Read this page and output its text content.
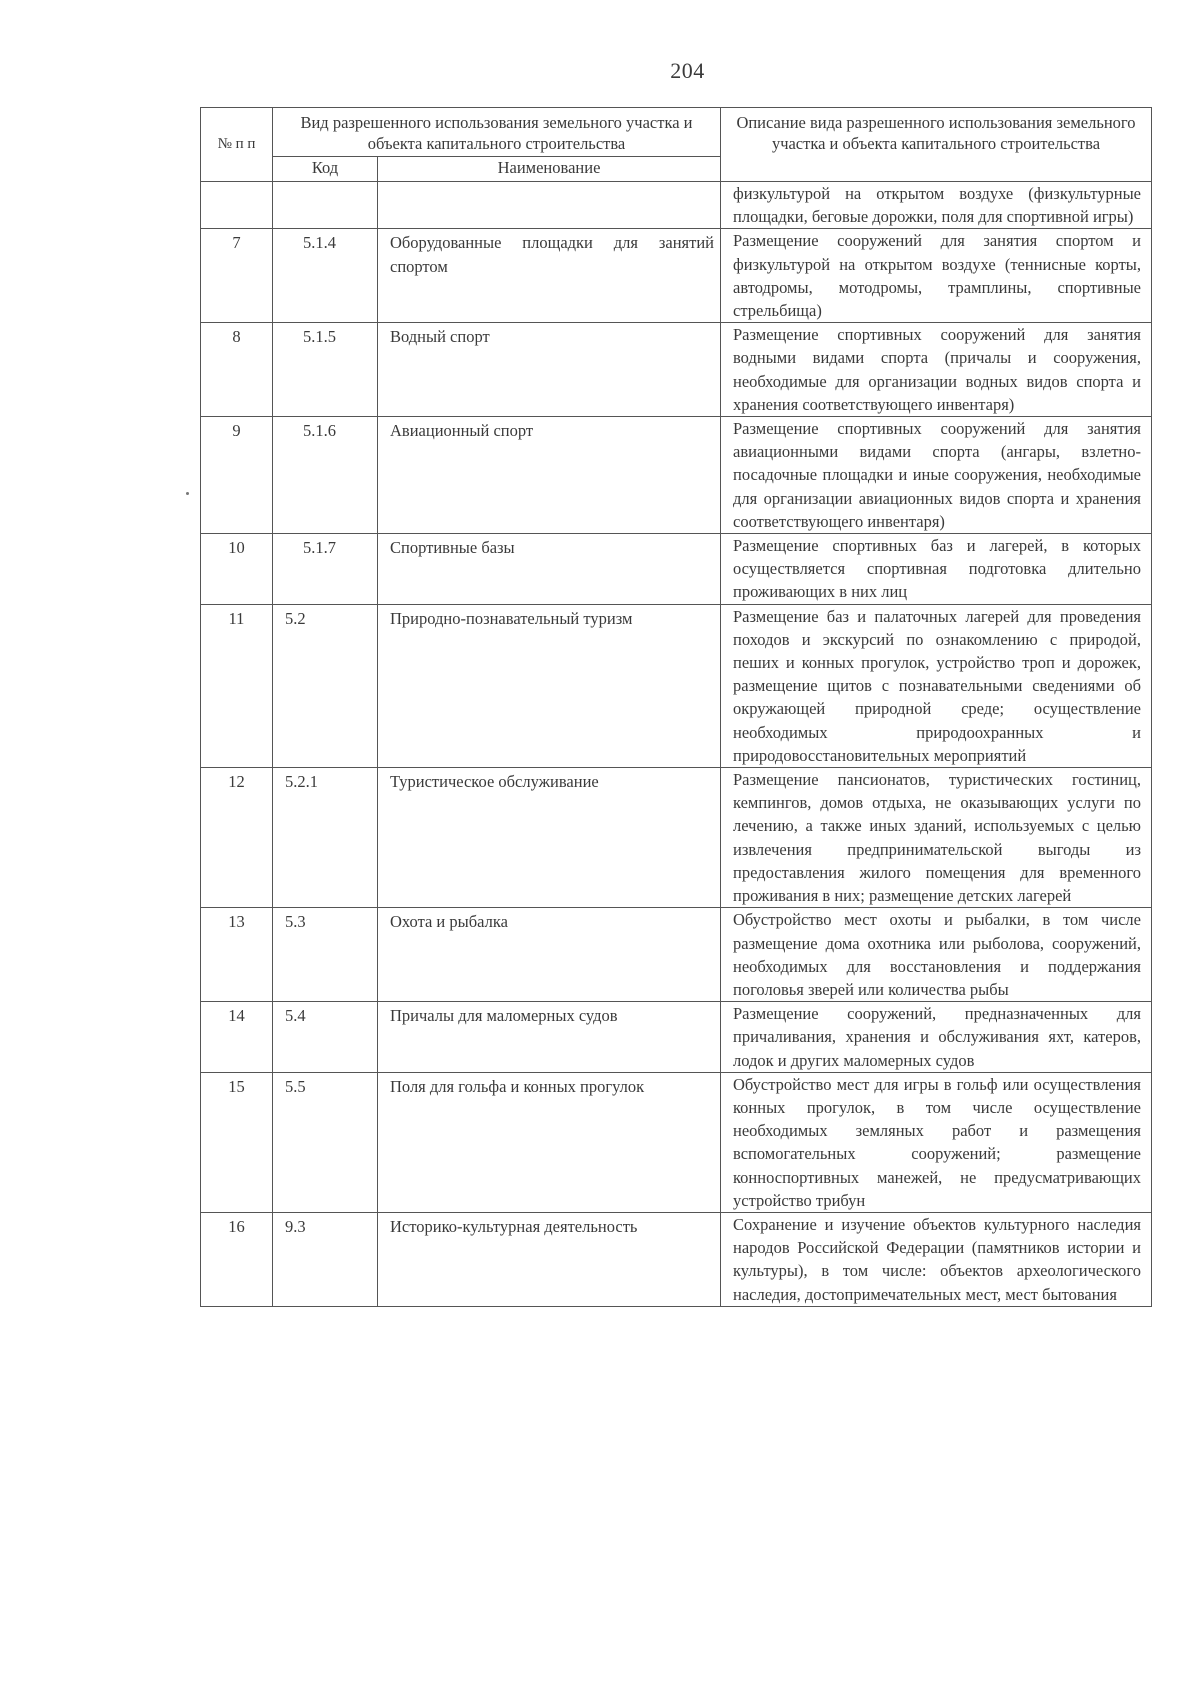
204
№ п п	Вид разрешенного использования земельного участка и объекта капитального строительства		Описание вида разрешенного использования земельного участка и объекта капитального строительства
	Код	Наименование	
			физкультурой на открытом воздухе (физкультурные площадки, беговые дорожки, поля для спортивной игры)
7	5.1.4	Оборудованные площадки для занятий спортом	Размещение сооружений для занятия спортом и физкультурой на открытом воздухе (теннисные корты, автодромы, мотодромы, трамплины, спортивные стрельбища)
8	5.1.5	Водный спорт	Размещение спортивных сооружений для занятия водными видами спорта (причалы и сооружения, необходимые для организации водных видов спорта и хранения соответствующего инвентаря)
9	5.1.6	Авиационный спорт	Размещение спортивных сооружений для занятия авиационными видами спорта (ангары, взлетно-посадочные площадки и иные сооружения, необходимые для организации авиационных видов спорта и хранения соответствующего инвентаря)
10	5.1.7	Спортивные базы	Размещение спортивных баз и лагерей, в которых осуществляется спортивная подготовка длительно проживающих в них лиц
11	5.2	Природно-познавательный туризм	Размещение баз и палаточных лагерей для проведения походов и экскурсий по ознакомлению с природой, пеших и конных прогулок, устройство троп и дорожек, размещение щитов с познавательными сведениями об окружающей природной среде; осуществление необходимых природоохранных и природовосстановительных мероприятий
12	5.2.1	Туристическое обслуживание	Размещение пансионатов, туристических гостиниц, кемпингов, домов отдыха, не оказывающих услуги по лечению, а также иных зданий, используемых с целью извлечения предпринимательской выгоды из предоставления жилого помещения для временного проживания в них; размещение детских лагерей
13	5.3	Охота и рыбалка	Обустройство мест охоты и рыбалки, в том числе размещение дома охотника или рыболова, сооружений, необходимых для восстановления и поддержания поголовья зверей или количества рыбы
14	5.4	Причалы для маломерных судов	Размещение сооружений, предназначенных для причаливания, хранения и обслуживания яхт, катеров, лодок и других маломерных судов
15	5.5	Поля для гольфа и конных прогулок	Обустройство мест для игры в гольф или осуществления конных прогулок, в том числе осуществление необходимых земляных работ и размещения вспомогательных сооружений; размещение конноспортивных манежей, не предусматривающих устройство трибун
16	9.3	Историко-культурная деятельность	Сохранение и изучение объектов культурного наследия народов Российской Федерации (памятников истории и культуры), в том числе: объектов археологического наследия, достопримечательных мест, мест бытования
